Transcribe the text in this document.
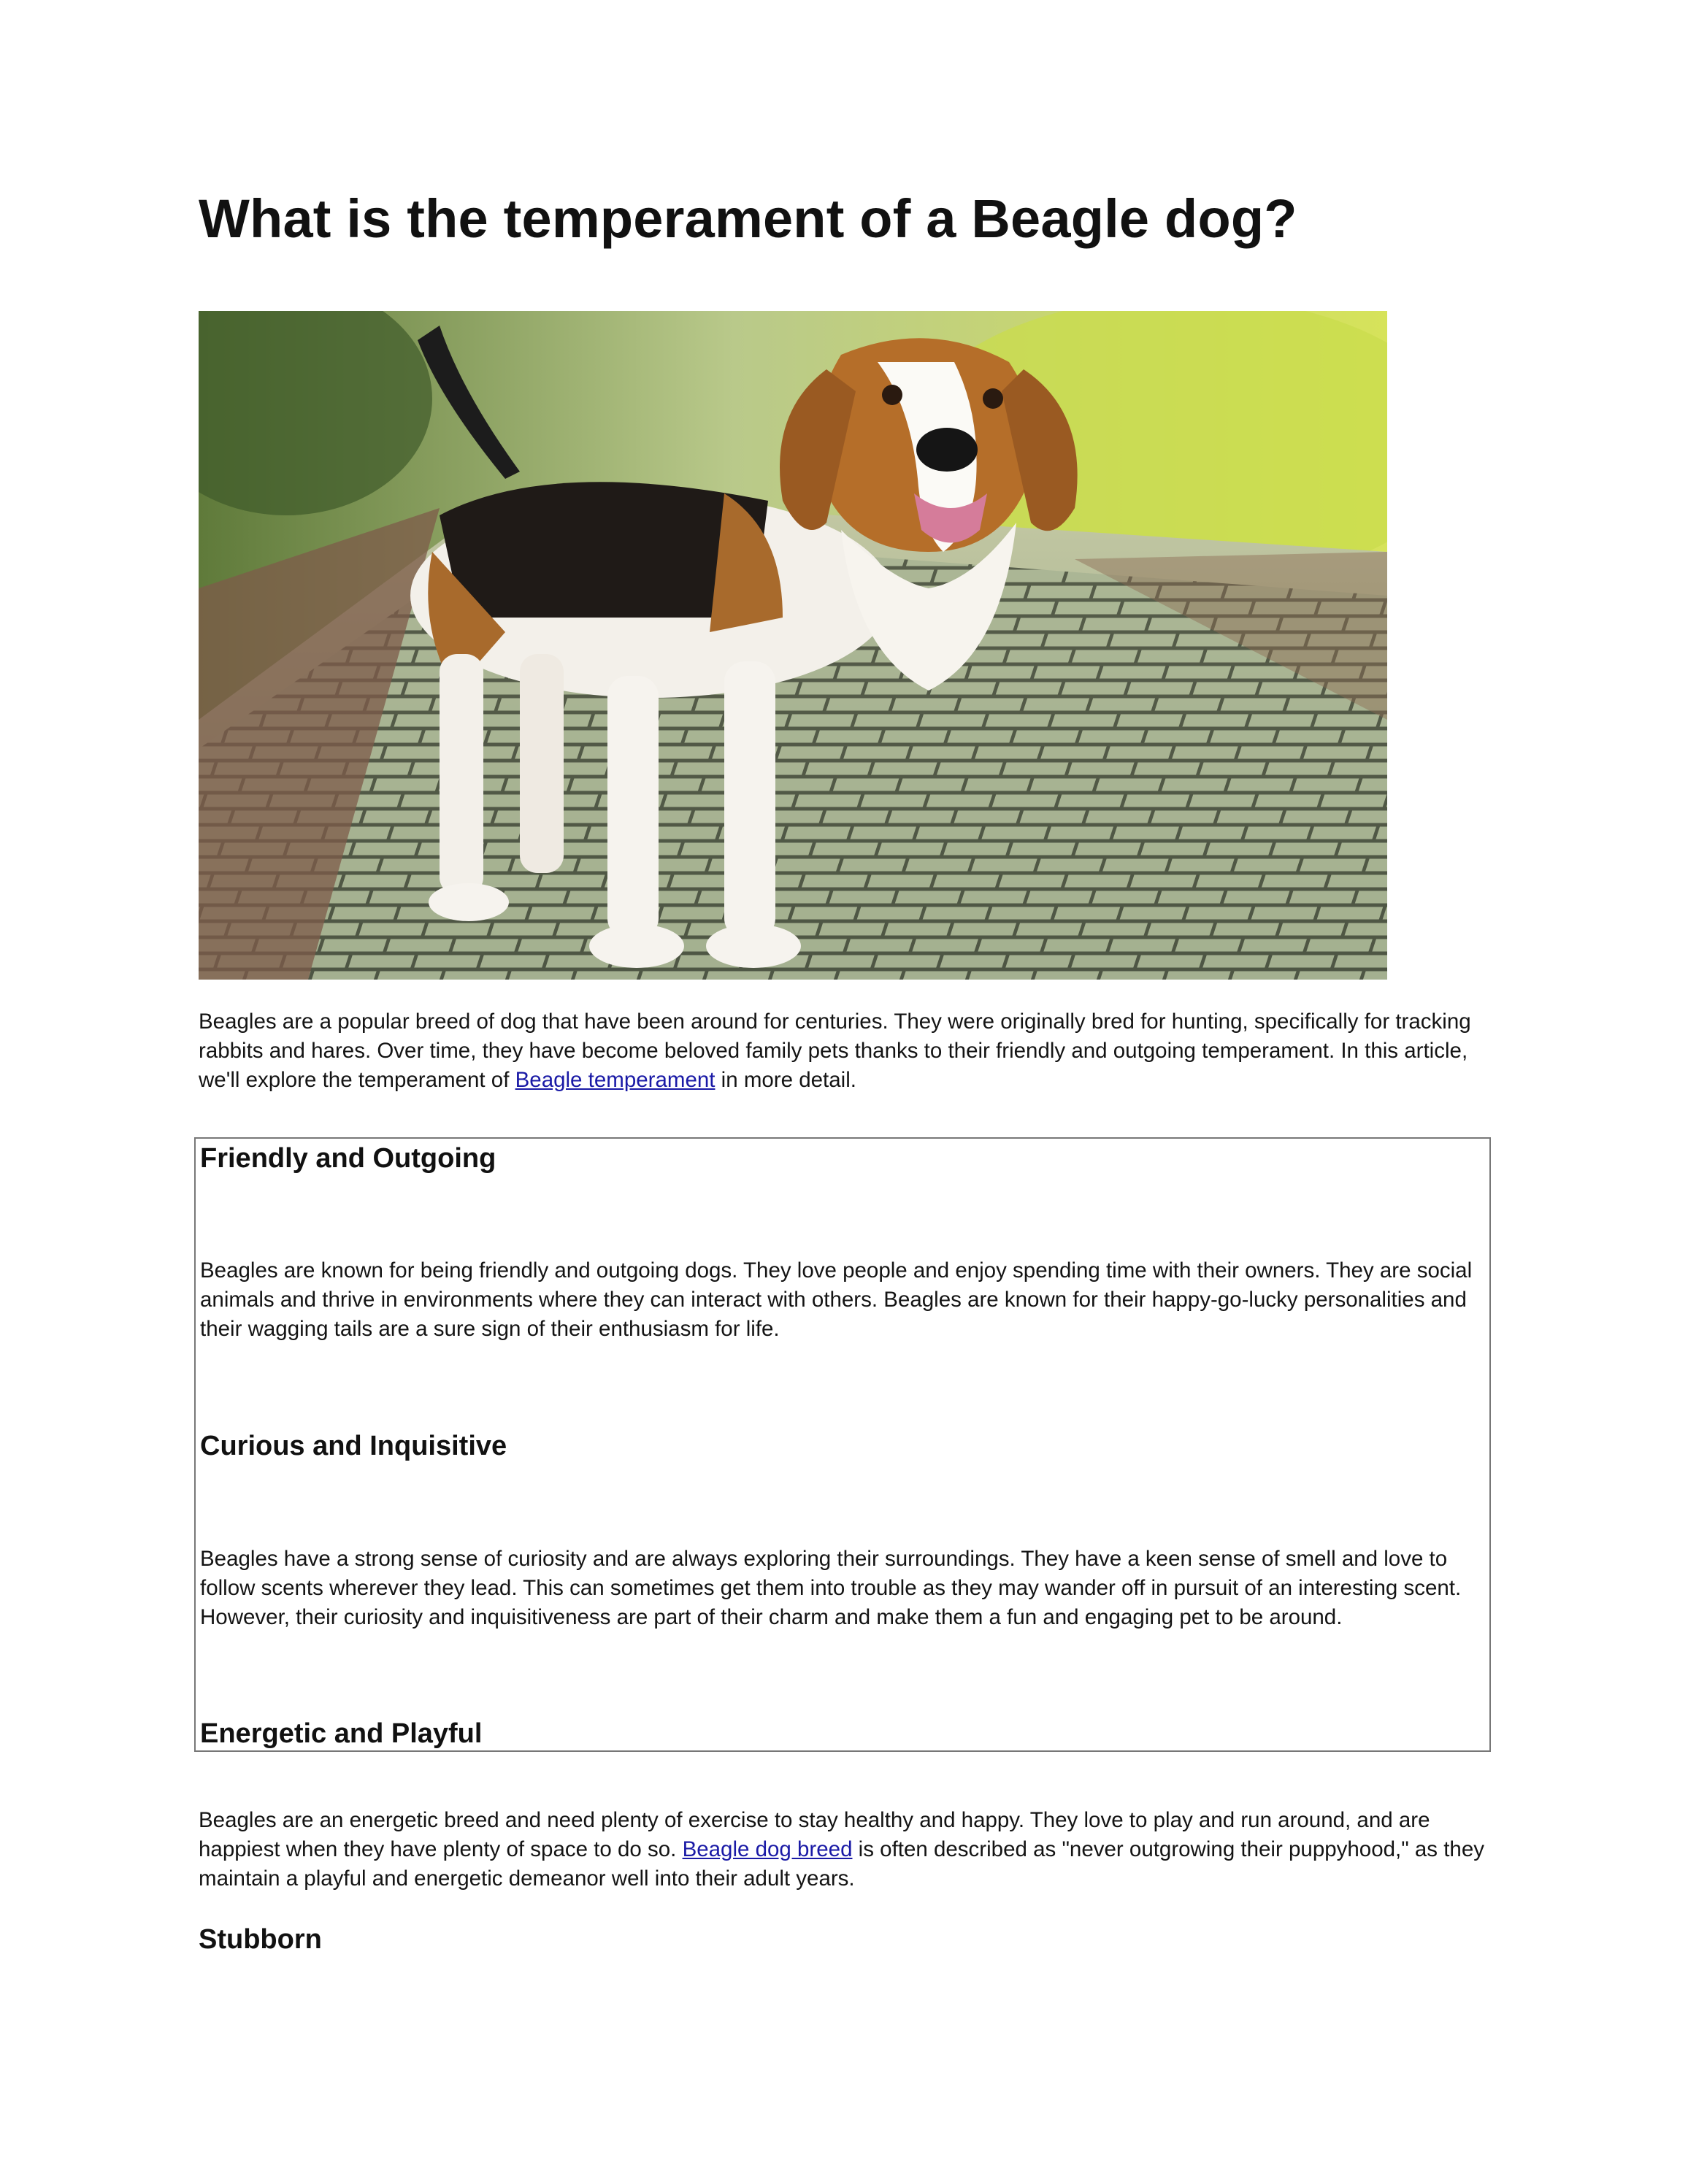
What is the temperament of a Beagle dog?

Beagles are a popular breed of dog that have been around for centuries. They were originally bred for hunting, specifically for tracking rabbits and hares. Over time, they have become beloved family pets thanks to their friendly and outgoing temperament. In this article, we'll explore the temperament of Beagle temperament in more detail.

Friendly and Outgoing

Beagles are known for being friendly and outgoing dogs. They love people and enjoy spending time with their owners. They are social animals and thrive in environments where they can interact with others. Beagles are known for their happy-go-lucky personalities and their wagging tails are a sure sign of their enthusiasm for life.

Curious and Inquisitive

Beagles have a strong sense of curiosity and are always exploring their surroundings. They have a keen sense of smell and love to follow scents wherever they lead. This can sometimes get them into trouble as they may wander off in pursuit of an interesting scent. However, their curiosity and inquisitiveness are part of their charm and make them a fun and engaging pet to be around.

Energetic and Playful

Beagles are an energetic breed and need plenty of exercise to stay healthy and happy. They love to play and run around, and are happiest when they have plenty of space to do so. Beagle dog breed is often described as "never outgrowing their puppyhood," as they maintain a playful and energetic demeanor well into their adult years.

Stubborn
